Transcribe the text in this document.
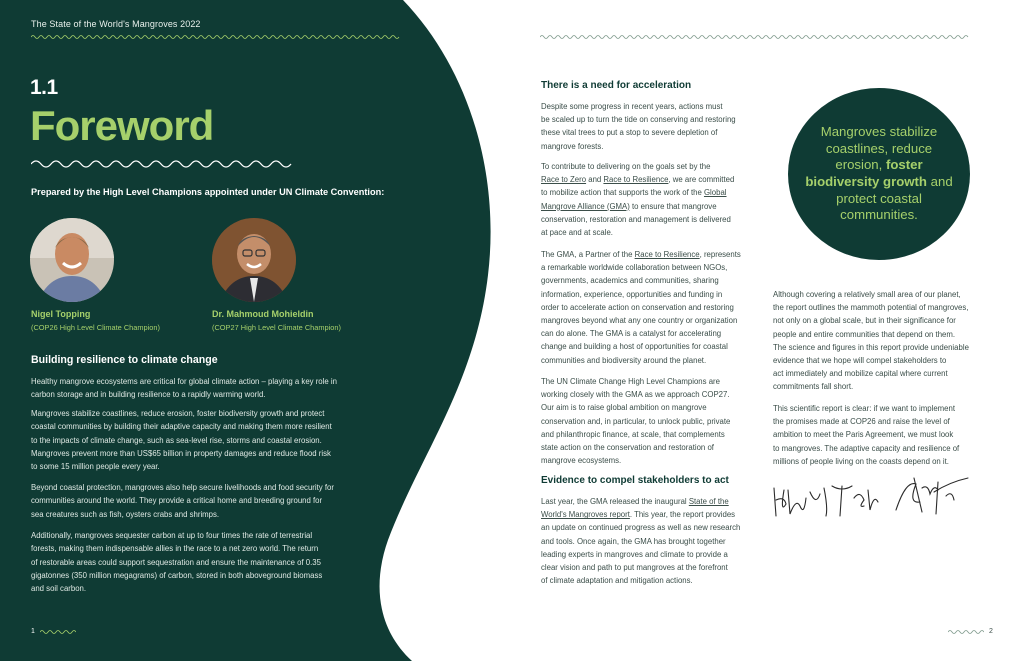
The State of the World's Mangroves 2022
1.1
Foreword
Prepared by the High Level Champions appointed under UN Climate Convention:
Nigel Topping
(COP26 High Level Climate Champion)
Dr. Mahmoud Mohieldin
(COP27 High Level Climate Champion)
Building resilience to climate change
Healthy mangrove ecosystems are critical for global climate action – playing a key role in
carbon storage and in building resilience to a rapidly warming world.
Mangroves stabilize coastlines, reduce erosion, foster biodiversity growth and protect
coastal communities by building their adaptive capacity and making them more resilient
to the impacts of climate change, such as sea-level rise, storms and coastal erosion.
Mangroves prevent more than US$65 billion in property damages and reduce flood risk
to some 15 million people every year.
Beyond coastal protection, mangroves also help secure livelihoods and food security for
communities around the world. They provide a critical home and breeding ground for
sea creatures such as fish, oysters crabs and shrimps.
Additionally, mangroves sequester carbon at up to four times the rate of terrestrial
forests, making them indispensable allies in the race to a net zero world. The return
of restorable areas could support sequestration and ensure the maintenance of 0.35
gigatonnes (350 million megagrams) of carbon, stored in both aboveground biomass
and soil carbon.
1
There is a need for acceleration
Despite some progress in recent years, actions must
be scaled up to turn the tide on conserving and restoring
these vital trees to put a stop to severe depletion of
mangrove forests.
To contribute to delivering on the goals set by the
Race to Zero and Race to Resilience, we are committed
to mobilize action that supports the work of the Global
Mangrove Alliance (GMA) to ensure that mangrove
conservation, restoration and management is delivered
at pace and at scale.
The GMA, a Partner of the Race to Resilience, represents
a remarkable worldwide collaboration between NGOs,
governments, academics and communities, sharing
information, experience, opportunities and funding in
order to accelerate action on conservation and restoring
mangroves beyond what any one country or organization
can do alone. The GMA is a catalyst for accelerating
change and building a host of opportunities for coastal
communities and biodiversity around the planet.
The UN Climate Change High Level Champions are
working closely with the GMA as we approach COP27.
Our aim is to raise global ambition on mangrove
conservation and, in particular, to unlock public, private
and philanthropic finance, at scale, that complements
state action on the conservation and restoration of
mangrove ecosystems.
Evidence to compel stakeholders to act
Last year, the GMA released the inaugural State of the
World's Mangroves report. This year, the report provides
an update on continued progress as well as new research
and tools. Once again, the GMA has brought together
leading experts in mangroves and climate to provide a
clear vision and path to put mangroves at the forefront
of climate adaptation and mitigation actions.
Mangroves stabilize coastlines, reduce erosion, foster biodiversity growth and protect coastal communities.
Although covering a relatively small area of our planet,
the report outlines the mammoth potential of mangroves,
not only on a global scale, but in their significance for
people and entire communities that depend on them.
The science and figures in this report provide undeniable
evidence that we hope will compel stakeholders to
act immediately and mobilize capital where current
commitments fall short.
This scientific report is clear: if we want to implement
the promises made at COP26 and raise the level of
ambition to meet the Paris Agreement, we must look
to mangroves. The adaptive capacity and resilience of
millions of people living on the coasts depend on it.
2
